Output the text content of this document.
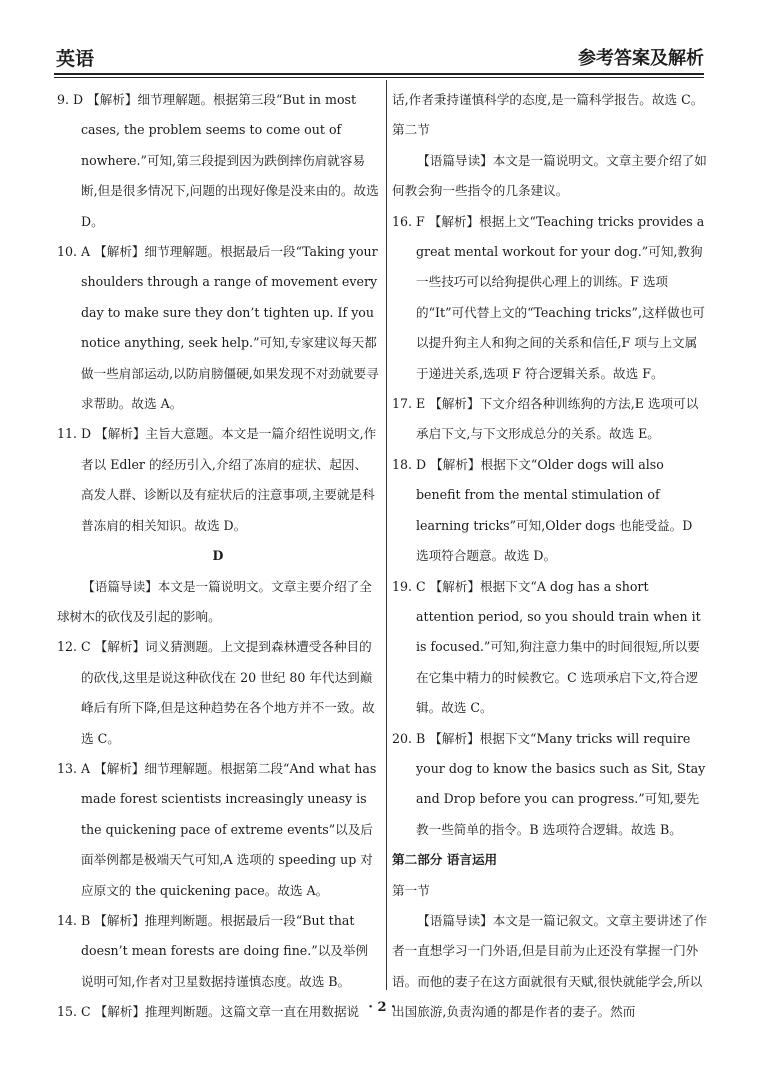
英语	参考答案及解析

9. D 【解析】细节理解题。根据第三段“But in most cases, the problem seems to come out of nowhere.”可知,第三段提到因为跌倒摔伤肩就容易断,但是很多情况下,问题的出现好像是没来由的。故选 D。

10. A 【解析】细节理解题。根据最后一段“Taking your shoulders through a range of movement every day to make sure they don’t tighten up. If you notice anything, seek help.”可知,专家建议每天都做一些肩部运动,以防肩膀僵硬,如果发现不对劲就要寻求帮助。故选 A。

11. D 【解析】主旨大意题。本文是一篇介绍性说明文,作者以 Edler 的经历引入,介绍了冻肩的症状、起因、高发人群、诊断以及有症状后的注意事项,主要就是科普冻肩的相关知识。故选 D。

D

【语篇导读】本文是一篇说明文。文章主要介绍了全球树木的砍伐及引起的影响。

12. C 【解析】词义猜测题。上文提到森林遭受各种目的的砍伐,这里是说这种砍伐在 20 世纪 80 年代达到巅峰后有所下降,但是这种趋势在各个地方并不一致。故选 C。

13. A 【解析】细节理解题。根据第二段“And what has made forest scientists increasingly uneasy is the quickening pace of extreme events”以及后面举例都是极端天气可知,A 选项的 speeding up 对应原文的 the quickening pace。故选 A。

14. B 【解析】推理判断题。根据最后一段“But that doesn’t mean forests are doing fine.”以及举例说明可知,作者对卫星数据持谨慎态度。故选 B。

15. C 【解析】推理判断题。这篇文章一直在用数据说

话,作者秉持谨慎科学的态度,是一篇科学报告。故选 C。

第二节

【语篇导读】本文是一篇说明文。文章主要介绍了如何教会狗一些指令的几条建议。

16. F 【解析】根据上文“Teaching tricks provides a great mental workout for your dog.”可知,教狗一些技巧可以给狗提供心理上的训练。F 选项的“It”可代替上文的“Teaching tricks”,这样做也可以提升狗主人和狗之间的关系和信任,F 项与上文属于递进关系,选项 F 符合逻辑关系。故选 F。

17. E 【解析】下文介绍各种训练狗的方法,E 选项可以承启下文,与下文形成总分的关系。故选 E。

18. D 【解析】根据下文“Older dogs will also benefit from the mental stimulation of learning tricks”可知,Older dogs 也能受益。D 选项符合题意。故选 D。

19. C 【解析】根据下文“A dog has a short attention period, so you should train when it is focused.”可知,狗注意力集中的时间很短,所以要在它集中精力的时候教它。C 选项承启下文,符合逻辑。故选 C。

20. B 【解析】根据下文“Many tricks will require your dog to know the basics such as Sit, Stay and Drop before you can progress.”可知,要先教一些简单的指令。B 选项符合逻辑。故选 B。

第二部分 语言运用

第一节

【语篇导读】本文是一篇记叙文。文章主要讲述了作者一直想学习一门外语,但是目前为止还没有掌握一门外语。而他的妻子在这方面就很有天赋,很快就能学会,所以出国旅游,负责沟通的都是作者的妻子。然而

· 2 ·
